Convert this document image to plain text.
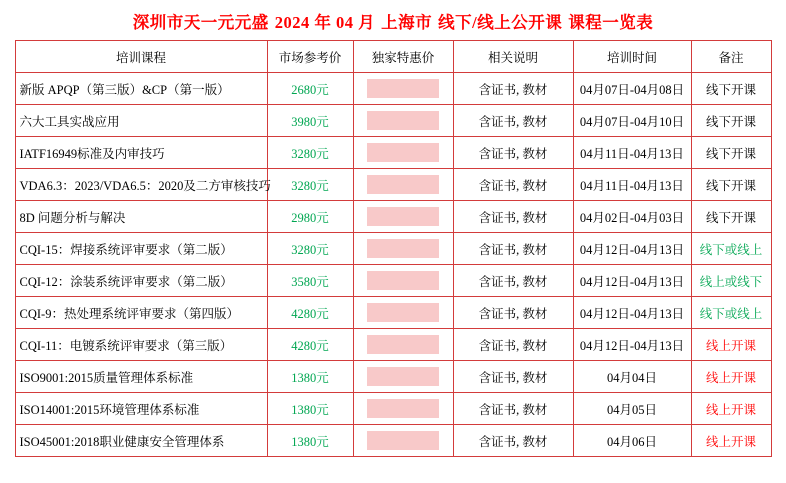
深圳市天一元元盛 2024 年 04 月 上海市 线下/线上公开课 课程一览表
培训课程	市场参考价	独家特惠价	相关说明	培训时间	备注
新版 APQP（第三版）&CP（第一版）	2680元		含证书, 教材	04月07日-04月08日	线下开课
六大工具实战应用	3980元		含证书, 教材	04月07日-04月10日	线下开课
IATF16949标准及内审技巧	3280元		含证书, 教材	04月11日-04月13日	线下开课
VDA6.3：2023/VDA6.5：2020及二方审核技巧	3280元		含证书, 教材	04月11日-04月13日	线下开课
8D 问题分析与解决	2980元		含证书, 教材	04月02日-04月03日	线下开课
CQI-15：焊接系统评审要求（第二版）	3280元		含证书, 教材	04月12日-04月13日	线下或线上
CQI-12：涂装系统评审要求（第二版）	3580元		含证书, 教材	04月12日-04月13日	线上或线下
CQI-9：热处理系统评审要求（第四版）	4280元		含证书, 教材	04月12日-04月13日	线下或线上
CQI-11：电镀系统评审要求（第三版）	4280元		含证书, 教材	04月12日-04月13日	线上开课
ISO9001:2015质量管理体系标准	1380元		含证书, 教材	04月04日	线上开课
ISO14001:2015环境管理体系标准	1380元		含证书, 教材	04月05日	线上开课
ISO45001:2018职业健康安全管理体系	1380元		含证书, 教材	04月06日	线上开课
